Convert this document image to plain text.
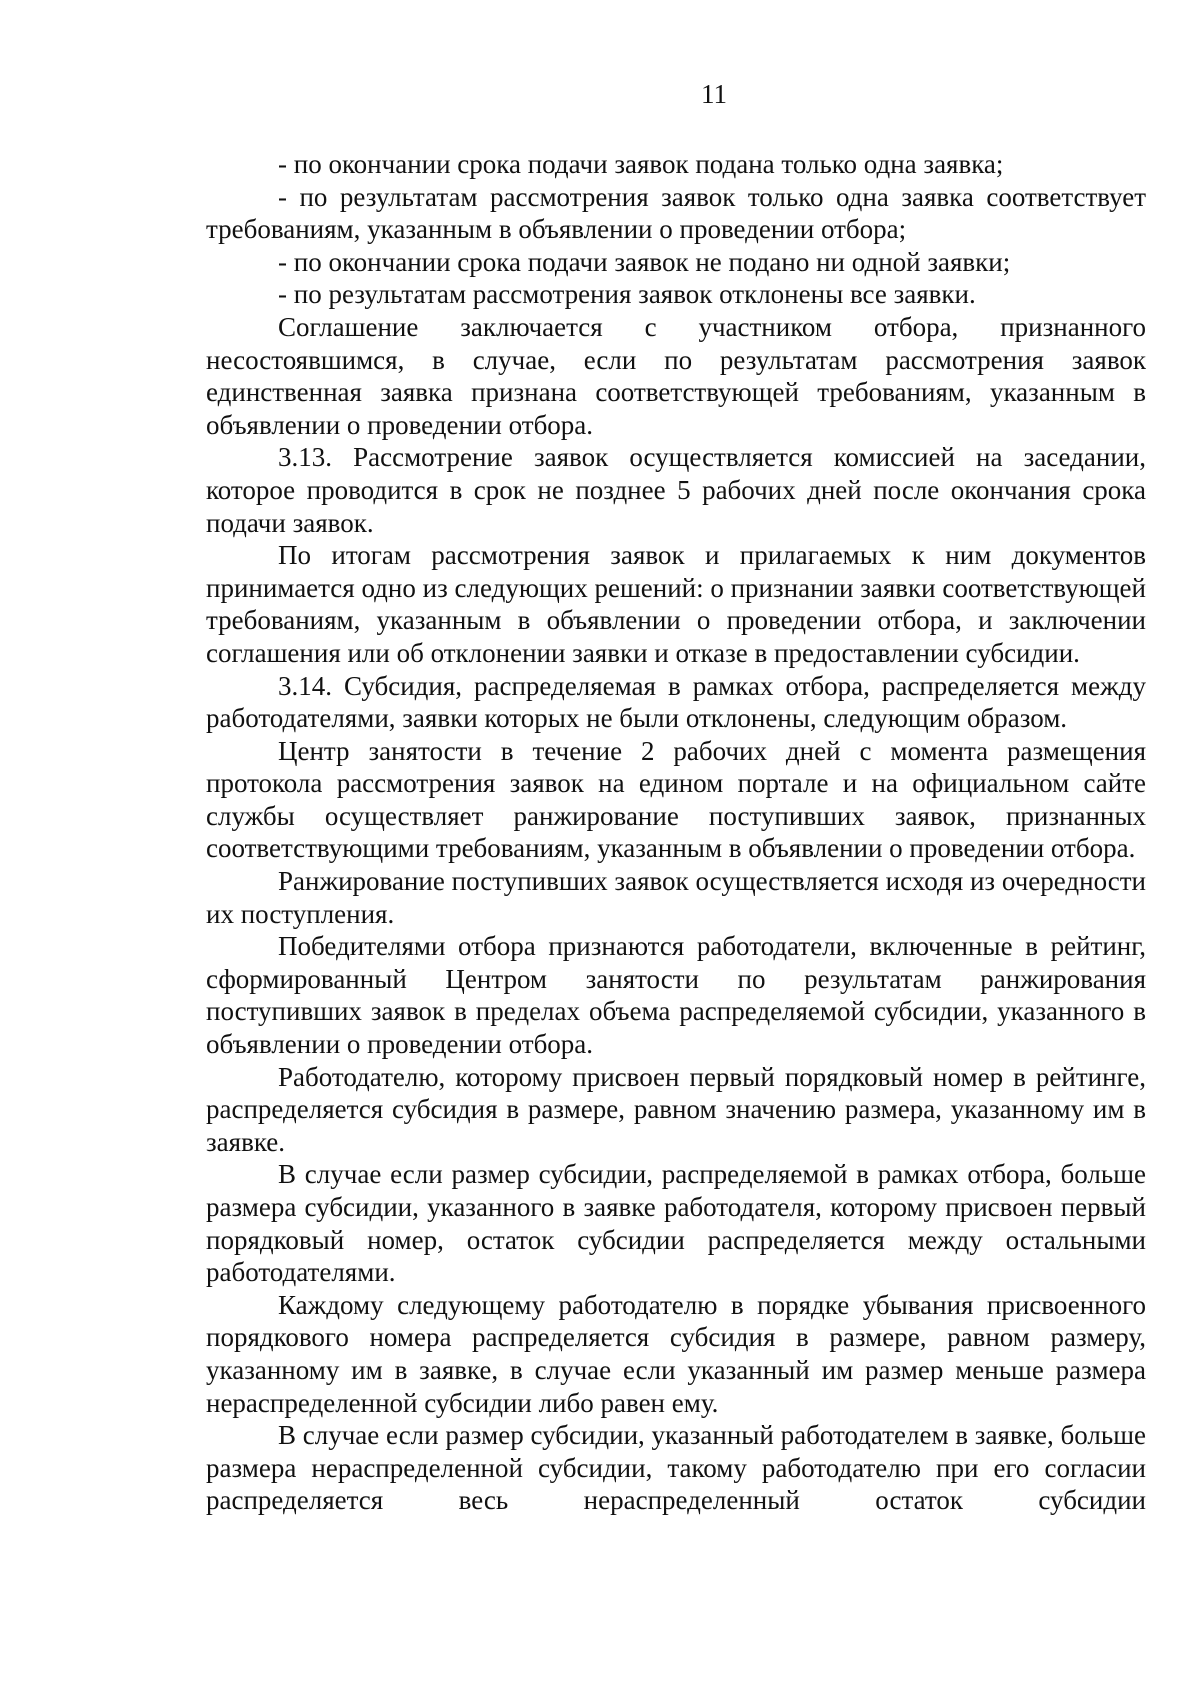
11

- по окончании срока подачи заявок подана только одна заявка;

- по результатам рассмотрения заявок только одна заявка соответствует требованиям, указанным в объявлении о проведении отбора;

- по окончании срока подачи заявок не подано ни одной заявки;

- по результатам рассмотрения заявок отклонены все заявки.

Соглашение заключается с участником отбора, признанного несостоявшимся, в случае, если по результатам рассмотрения заявок единственная заявка признана соответствующей требованиям, указанным в объявлении о проведении отбора.

3.13. Рассмотрение заявок осуществляется комиссией на заседании, которое проводится в срок не позднее 5 рабочих дней после окончания срока подачи заявок.

По итогам рассмотрения заявок и прилагаемых к ним документов принимается одно из следующих решений: о признании заявки соответствующей требованиям, указанным в объявлении о проведении отбора, и заключении соглашения или об отклонении заявки и отказе в предоставлении субсидии.

3.14. Субсидия, распределяемая в рамках отбора, распределяется между работодателями, заявки которых не были отклонены, следующим образом.

Центр занятости в течение 2 рабочих дней с момента размещения протокола рассмотрения заявок на едином портале и на официальном сайте службы осуществляет ранжирование поступивших заявок, признанных соответствующими требованиям, указанным в объявлении о проведении отбора.

Ранжирование поступивших заявок осуществляется исходя из очередности их поступления.

Победителями отбора признаются работодатели, включенные в рейтинг, сформированный Центром занятости по результатам ранжирования поступивших заявок в пределах объема распределяемой субсидии, указанного в объявлении о проведении отбора.

Работодателю, которому присвоен первый порядковый номер в рейтинге, распределяется субсидия в размере, равном значению размера, указанному им в заявке.

В случае если размер субсидии, распределяемой в рамках отбора, больше размера субсидии, указанного в заявке работодателя, которому присвоен первый порядковый номер, остаток субсидии распределяется между остальными работодателями.

Каждому следующему работодателю в порядке убывания присвоенного порядкового номера распределяется субсидия в размере, равном размеру, указанному им в заявке, в случае если указанный им размер меньше размера нераспределенной субсидии либо равен ему.

В случае если размер субсидии, указанный работодателем в заявке, больше размера нераспределенной субсидии, такому работодателю при его согласии распределяется весь нераспределенный остаток субсидии
